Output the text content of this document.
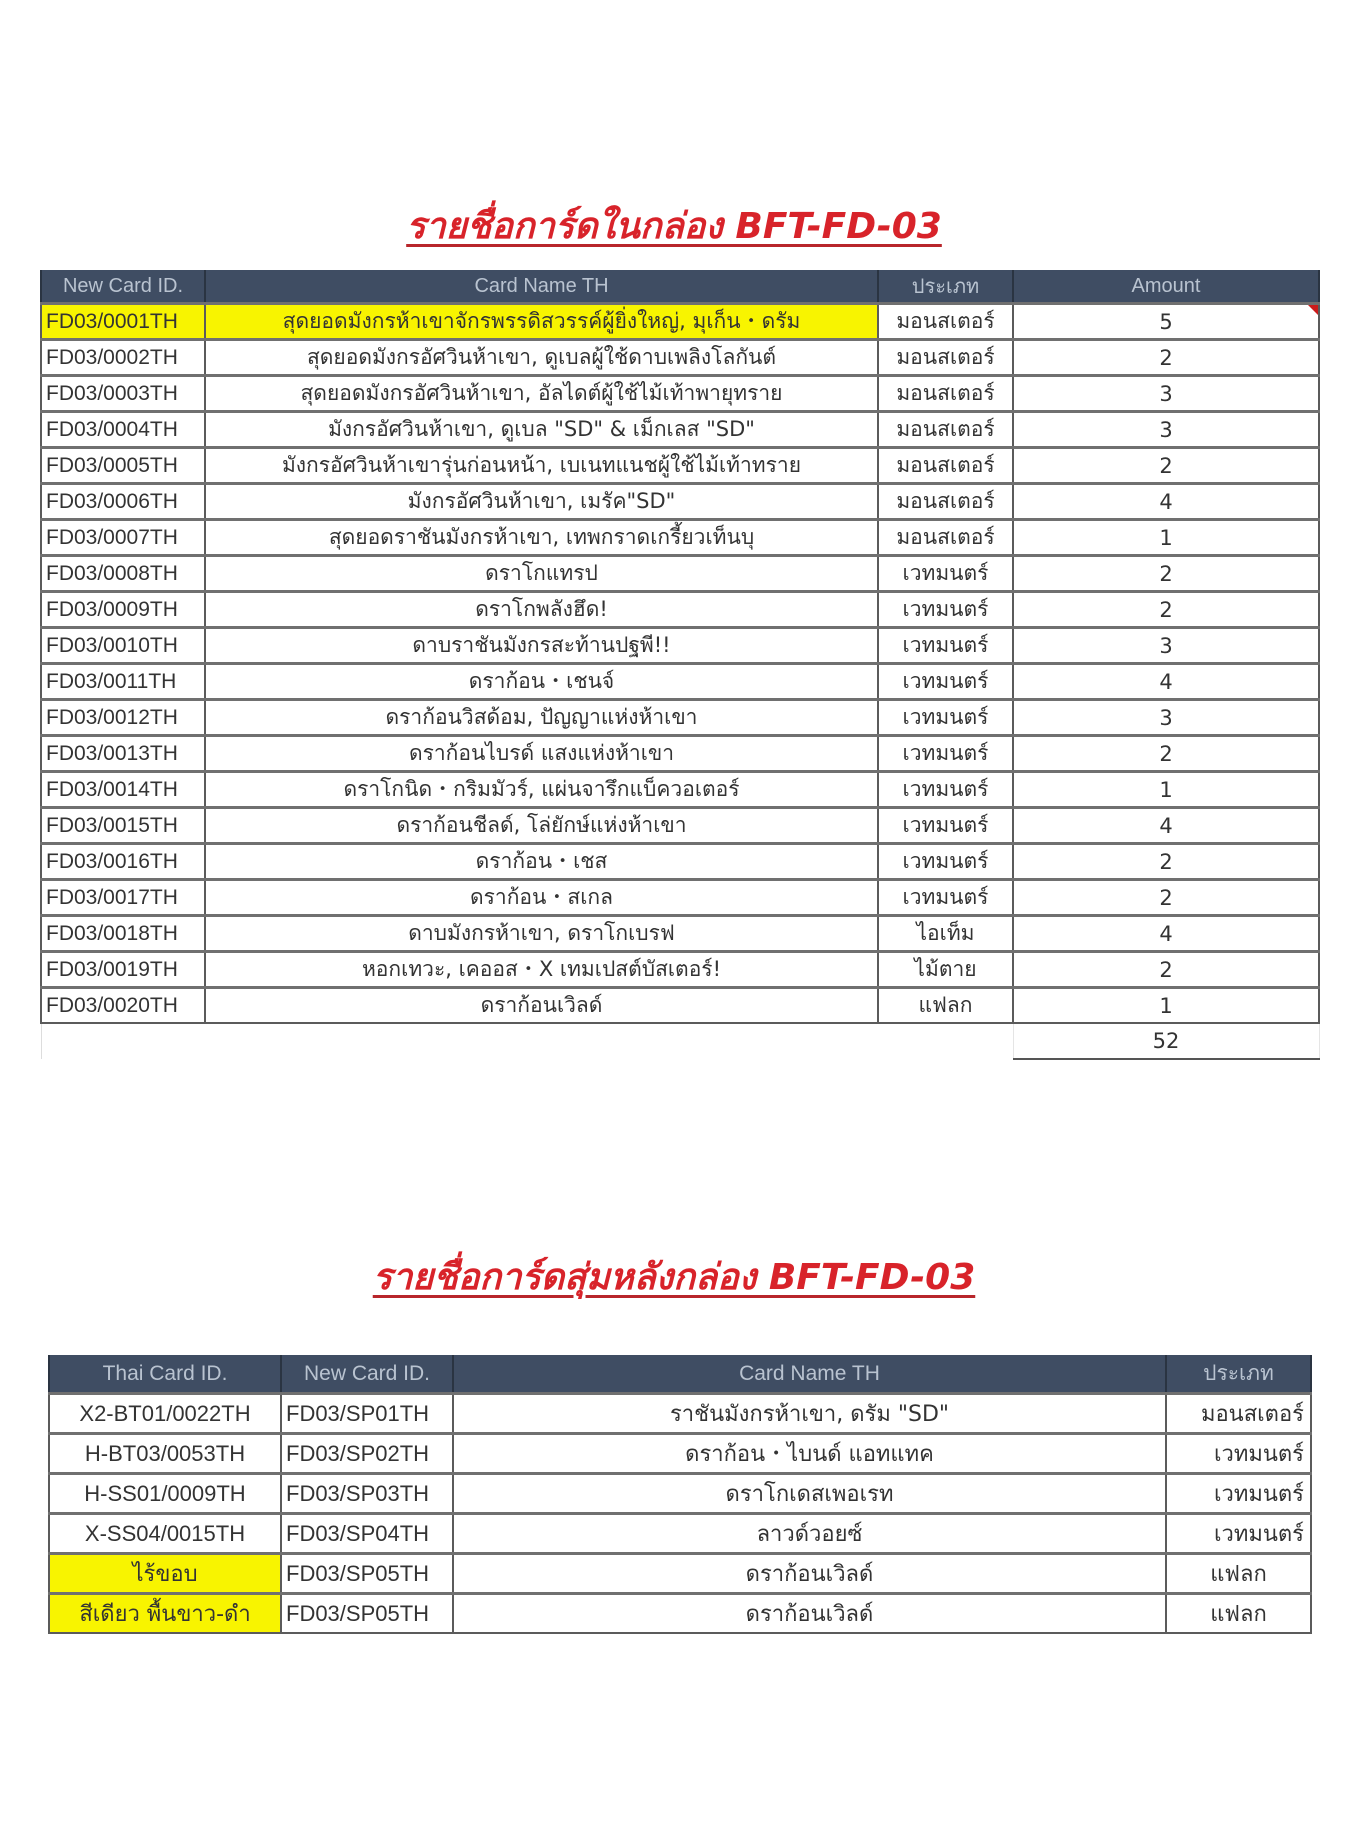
รายชื่อการ์ดในกล่อง BFT-FD-03
New Card ID.	Card Name TH	ประเภท	Amount
FD03/0001TH	สุดยอดมังกรห้าเขาจักรพรรดิสวรรค์ผู้ยิ่งใหญ่, มุเก็น・ดรัม	มอนสเตอร์	5

FD03/0002TH	สุดยอดมังกรอัศวินห้าเขา, ดูเบลผู้ใช้ดาบเพลิงโลกันต์	มอนสเตอร์	2
FD03/0003TH	สุดยอดมังกรอัศวินห้าเขา, อัลไดต์ผู้ใช้ไม้เท้าพายุทราย	มอนสเตอร์	3
FD03/0004TH	มังกรอัศวินห้าเขา, ดูเบล "SD" & เม็กเลส "SD"	มอนสเตอร์	3
FD03/0005TH	มังกรอัศวินห้าเขารุ่นก่อนหน้า, เบเนทแนชผู้ใช้ไม้เท้าทราย	มอนสเตอร์	2
FD03/0006TH	มังกรอัศวินห้าเขา, เมรัค"SD"	มอนสเตอร์	4
FD03/0007TH	สุดยอดราชันมังกรห้าเขา, เทพกราดเกรี้ยวเท็นบุ	มอนสเตอร์	1
FD03/0008TH	ดราโกแทรป	เวทมนตร์	2
FD03/0009TH	ดราโกพลังฮึด!	เวทมนตร์	2
FD03/0010TH	ดาบราชันมังกรสะท้านปฐพี!!	เวทมนตร์	3
FD03/0011TH	ดราก้อน・เชนจ์	เวทมนตร์	4
FD03/0012TH	ดราก้อนวิสด้อม, ปัญญาแห่งห้าเขา	เวทมนตร์	3
FD03/0013TH	ดราก้อนไบรด์ แสงแห่งห้าเขา	เวทมนตร์	2
FD03/0014TH	ดราโกนิด・กริมมัวร์, แผ่นจารึกแบ็ควอเตอร์	เวทมนตร์	1
FD03/0015TH	ดราก้อนชีลด์, โล่ยักษ์แห่งห้าเขา	เวทมนตร์	4
FD03/0016TH	ดราก้อน・เชส	เวทมนตร์	2
FD03/0017TH	ดราก้อน・สเกล	เวทมนตร์	2
FD03/0018TH	ดาบมังกรห้าเขา, ดราโกเบรฟ	ไอเท็ม	4
FD03/0019TH	หอกเทวะ, เคออส・X เทมเปสต์บัสเตอร์!	ไม้ตาย	2
FD03/0020TH	ดราก้อนเวิลด์	แฟลก	1
			52
รายชื่อการ์ดสุ่มหลังกล่อง BFT-FD-03
Thai Card ID.	New Card ID.	Card Name TH	ประเภท
X2-BT01/0022TH	FD03/SP01TH	ราชันมังกรห้าเขา, ดรัม "SD"	มอนสเตอร์
H-BT03/0053TH	FD03/SP02TH	ดราก้อน・ไบนด์ แอทแทค	เวทมนตร์
H-SS01/0009TH	FD03/SP03TH	ดราโกเดสเพอเรท	เวทมนตร์
X-SS04/0015TH	FD03/SP04TH	ลาวด์วอยซ์	เวทมนตร์
ไร้ขอบ	FD03/SP05TH	ดราก้อนเวิลด์	แฟลก
สีเดียว พื้นขาว-ดำ	FD03/SP05TH	ดราก้อนเวิลด์	แฟลก
